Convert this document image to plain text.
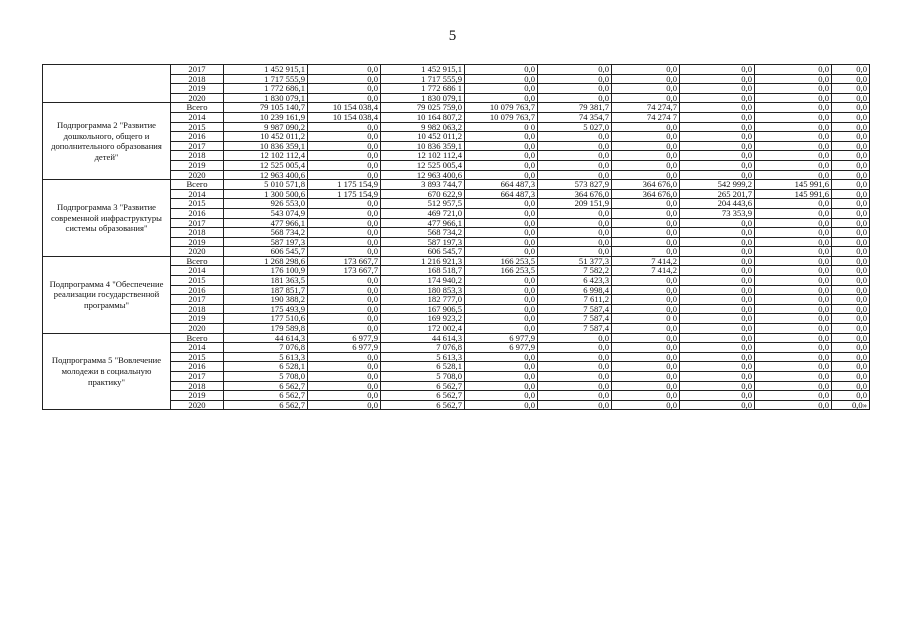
5
	2017	1 452 915,1	0,0	1 452 915,1	0,0	0,0	0,0	0,0	0,0	0,0
	2018	1 717 555,9	0,0	1 717 555,9	0,0	0,0	0,0	0,0	0,0	0,0
	2019	1 772 686,1	0,0	1 772 686 1	0,0	0,0	0,0	0,0	0,0	0,0
	2020	1 830 079,1	0,0	1 830 079,1	0,0	0,0	0,0	0,0	0,0	0,0
Подпрограмма 2 "Развитие дошкольного, общего и дополнительного образования детей"	Всего	79 105 140,7	10 154 038,4	79 025 759,0	10 079 763,7	79 381,7	74 274,7	0,0	0,0	0,0
	2014	10 239 161,9	10 154 038,4	10 164 807,2	10 079 763,7	74 354,7	74 274 7	0,0	0,0	0,0
	2015	9 987 090,2	0,0	9 982 063,2	0 0	5 027,0	0,0	0,0	0,0	0,0
	2016	10 452 011,2	0,0	10 452 011,2	0,0	0,0	0,0	0,0	0,0	0,0
	2017	10 836 359,1	0,0	10 836 359,1	0,0	0,0	0,0	0,0	0,0	0,0
	2018	12 102 112,4	0,0	12 102 112,4	0,0	0,0	0,0	0,0	0,0	0,0
	2019	12 525 005,4	0,0	12 525 005,4	0,0	0,0	0,0	0,0	0,0	0,0
	2020	12 963 400,6	0,0	12 963 400,6	0,0	0,0	0,0	0,0	0,0	0,0
Подпрограмма 3 "Развитие современной инфраструктуры системы образования"	Всего	5 010 571,8	1 175 154,9	3 893 744,7	664 487,3	573 827,9	364 676,0	542 999,2	145 991,6	0,0
	2014	1 300 500,6	1 175 154,9	670 622,9	664 487,3	364 676,0	364 676,0	265 201,7	145 991,6	0,0
	2015	926 553,0	0,0	512 957,5	0,0	209 151,9	0,0	204 443,6	0,0	0,0
	2016	543 074,9	0,0	469 721,0	0,0	0,0	0,0	73 353,9	0,0	0,0
	2017	477 966,1	0,0	477 966,1	0,0	0,0	0,0	0,0	0,0	0,0
	2018	568 734,2	0,0	568 734,2	0,0	0,0	0,0	0,0	0,0	0,0
	2019	587 197,3	0,0	587 197,3	0,0	0,0	0,0	0,0	0,0	0,0
	2020	606 545,7	0,0	606 545,7	0,0	0,0	0,0	0,0	0,0	0,0
Подпрограмма 4 "Обеспечение реализации государственной программы"	Всего	1 268 298,6	173 667,7	1 216 921,3	166 253,5	51 377,3	7 414,2	0,0	0,0	0,0
	2014	176 100,9	173 667,7	168 518,7	166 253,5	7 582,2	7 414,2	0,0	0,0	0,0
	2015	181 363,5	0,0	174 940,2	0,0	6 423,3	0,0	0,0	0,0	0,0
	2016	187 851,7	0,0	180 853,3	0,0	6 998,4	0,0	0,0	0,0	0,0
	2017	190 388,2	0,0	182 777,0	0,0	7 611,2	0,0	0,0	0,0	0,0
	2018	175 493,9	0,0	167 906,5	0,0	7 587,4	0,0	0,0	0,0	0,0
	2019	177 510,6	0,0	169 923,2	0,0	7 587,4	0 0	0,0	0,0	0,0
	2020	179 589,8	0,0	172 002,4	0,0	7 587,4	0,0	0,0	0,0	0,0
Подпрограмма 5 "Вовлечение молодежи в социальную практику"	Всего	44 614,3	6 977,9	44 614,3	6 977,9	0,0	0,0	0,0	0,0	0,0
	2014	7 076,8	6 977,9	7 076,8	6 977,9	0,0	0,0	0,0	0,0	0,0
	2015	5 613,3	0,0	5 613,3	0,0	0,0	0,0	0,0	0,0	0,0
	2016	6 528,1	0,0	6 528,1	0,0	0,0	0,0	0,0	0,0	0,0
	2017	5 708,0	0,0	5 708,0	0,0	0,0	0,0	0,0	0,0	0,0
	2018	6 562,7	0,0	6 562,7	0,0	0,0	0,0	0,0	0,0	0,0
	2019	6 562,7	0,0	6 562,7	0,0	0,0	0,0	0,0	0,0	0,0
	2020	6 562,7	0,0	6 562,7	0,0	0,0	0,0	0,0	0,0	0,0»
